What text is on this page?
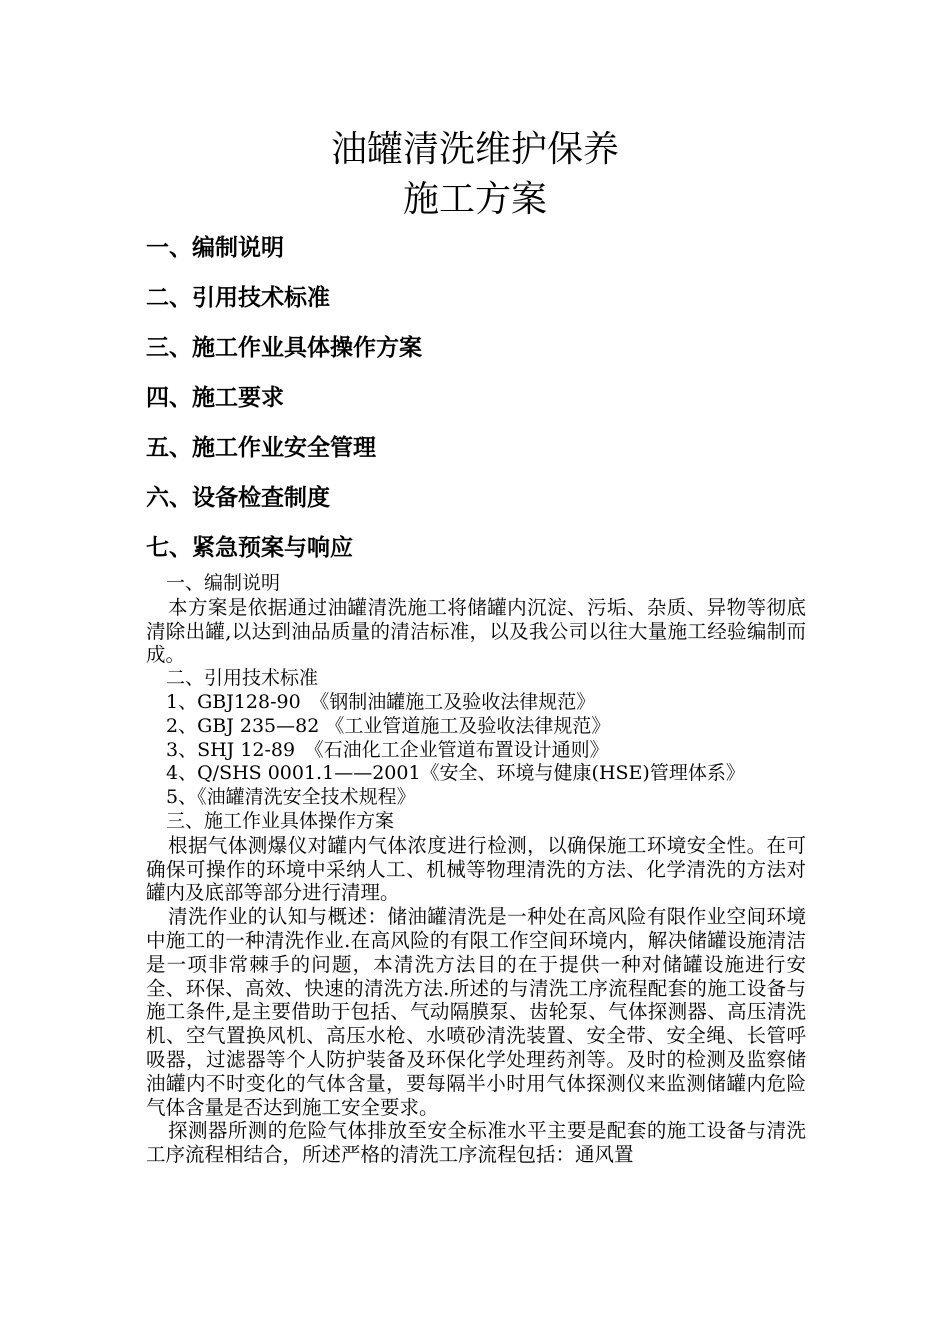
油罐清洗维护保养
施工方案
一、编制说明
二、引用技术标准
三、施工作业具体操作方案
四、施工要求
五、施工作业安全管理
六、设备检查制度
七、紧急预案与响应

一、编制说明

本方案是依据通过油罐清洗施工将储罐内沉淀、污垢、杂质、异物等彻底清除出罐,以达到油品质量的清洁标准，以及我公司以往大量施工经验编制而成。

二、引用技术标准

1、GBJ128-90　《钢制油罐施工及验收法律规范》

2、GBJ 235—82 《工业管道施工及验收法律规范》

3、SHJ 12-89　《石油化工企业管道布置设计通则》

4、Q/SHS 0001.1——2001《安全、环境与健康(HSE)管理体系》

5、《油罐清洗安全技术规程》

三、施工作业具体操作方案

根据气体测爆仪对罐内气体浓度进行检测，以确保施工环境安全性。在可确保可操作的环境中采纳人工、机械等物理清洗的方法、化学清洗的方法对罐内及底部等部分进行清理。

清洗作业的认知与概述：储油罐清洗是一种处在高风险有限作业空间环境中施工的一种清洗作业.在高风险的有限工作空间环境内，解决储罐设施清洁是一项非常棘手的问题，本清洗方法目的在于提供一种对储罐设施进行安全、环保、高效、快速的清洗方法.所述的与清洗工序流程配套的施工设备与施工条件,是主要借助于包括、气动隔膜泵、齿轮泵、气体探测器、高压清洗机、空气置换风机、高压水枪、水喷砂清洗装置、安全带、安全绳、长管呼吸器，过滤器等个人防护装备及环保化学处理药剂等。及时的检测及监察储油罐内不时变化的气体含量，要每隔半小时用气体探测仪来监测储罐内危险气体含量是否达到施工安全要求。

探测器所测的危险气体排放至安全标准水平主要是配套的施工设备与清洗工序流程相结合，所述严格的清洗工序流程包括：通风置
